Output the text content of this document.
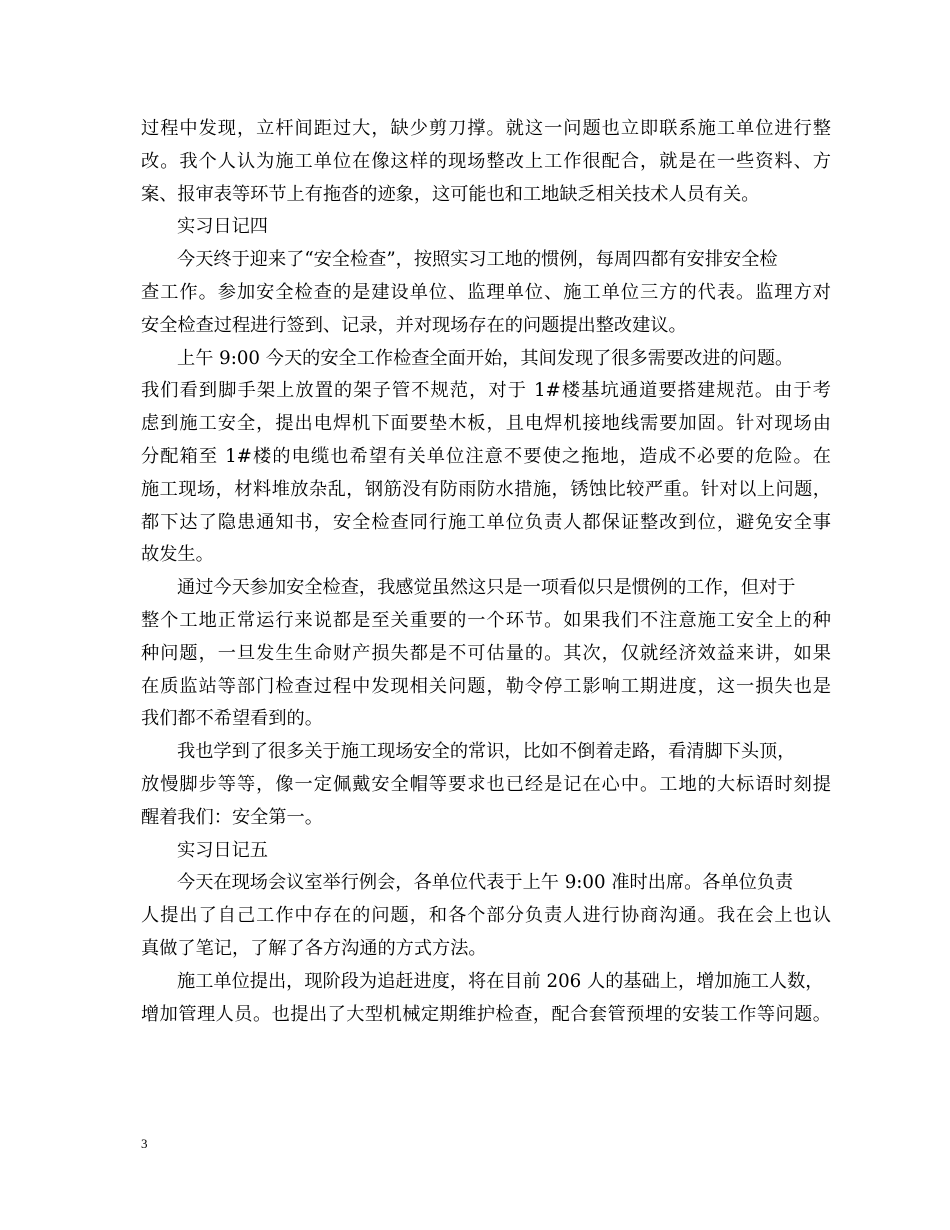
过程中发现，立杆间距过大，缺少剪刀撑。就这一问题也立即联系施工单位进行整
改。我个人认为施工单位在像这样的现场整改上工作很配合，就是在一些资料、方
案、报审表等环节上有拖沓的迹象，这可能也和工地缺乏相关技术人员有关。
实习日记四
今天终于迎来了“安全检查”，按照实习工地的惯例，每周四都有安排安全检
查工作。参加安全检查的是建设单位、监理单位、施工单位三方的代表。监理方对
安全检查过程进行签到、记录，并对现场存在的问题提出整改建议。
上午 9:00 今天的安全工作检查全面开始，其间发现了很多需要改进的问题。
我们看到脚手架上放置的架子管不规范，对于 1#楼基坑通道要搭建规范。由于考
虑到施工安全，提出电焊机下面要垫木板，且电焊机接地线需要加固。针对现场由
分配箱至 1#楼的电缆也希望有关单位注意不要使之拖地，造成不必要的危险。在
施工现场，材料堆放杂乱，钢筋没有防雨防水措施，锈蚀比较严重。针对以上问题，
都下达了隐患通知书，安全检查同行施工单位负责人都保证整改到位，避免安全事
故发生。
通过今天参加安全检查，我感觉虽然这只是一项看似只是惯例的工作，但对于
整个工地正常运行来说都是至关重要的一个环节。如果我们不注意施工安全上的种
种问题，一旦发生生命财产损失都是不可估量的。其次，仅就经济效益来讲，如果
在质监站等部门检查过程中发现相关问题，勒令停工影响工期进度，这一损失也是
我们都不希望看到的。
我也学到了很多关于施工现场安全的常识，比如不倒着走路，看清脚下头顶，
放慢脚步等等，像一定佩戴安全帽等要求也已经是记在心中。工地的大标语时刻提
醒着我们：安全第一。
实习日记五
今天在现场会议室举行例会，各单位代表于上午 9:00 准时出席。各单位负责
人提出了自己工作中存在的问题，和各个部分负责人进行协商沟通。我在会上也认
真做了笔记，了解了各方沟通的方式方法。
施工单位提出，现阶段为追赶进度，将在目前 206 人的基础上，增加施工人数，
增加管理人员。也提出了大型机械定期维护检查，配合套管预埋的安装工作等问题。
3
